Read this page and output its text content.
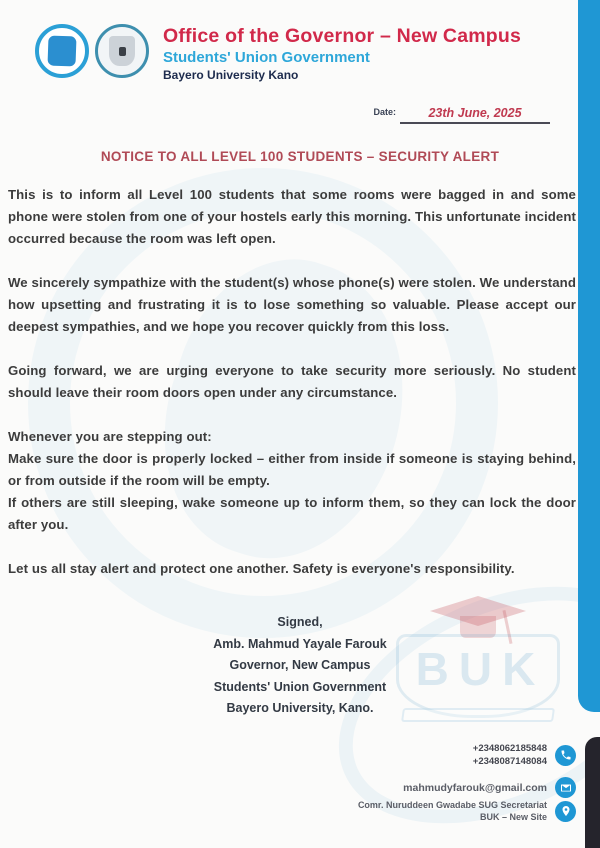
BUK
Office of the Governor – New Campus
Students' Union Government
Bayero University Kano
Date:	23th June, 2025
NOTICE TO ALL LEVEL 100 STUDENTS – SECURITY ALERT

This is to inform all Level 100 students that some rooms were bagged in and some phone were stolen from one of your hostels early this morning. This unfortunate incident occurred because the room was left open.

We sincerely sympathize with the student(s) whose phone(s) were stolen. We understand how upsetting and frustrating it is to lose something so valuable. Please accept our deepest sympathies, and we hope you recover quickly from this loss.

Going forward, we are urging everyone to take security more seriously. No student should leave their room doors open under any circumstance.

Whenever you are stepping out:

Make sure the door is properly locked – either from inside if someone is staying behind, or from outside if the room will be empty.

If others are still sleeping, wake someone up to inform them, so they can lock the door after you.

Let us all stay alert and protect one another. Safety is everyone's responsibility.

Signed,
Amb. Mahmud Yayale Farouk
Governor, New Campus
Students' Union Government
Bayero University, Kano.
+2348062185848
+2348087148084
mahmudyfarouk@gmail.com
Comr. Nuruddeen Gwadabe SUG Secretariat
BUK – New Site
